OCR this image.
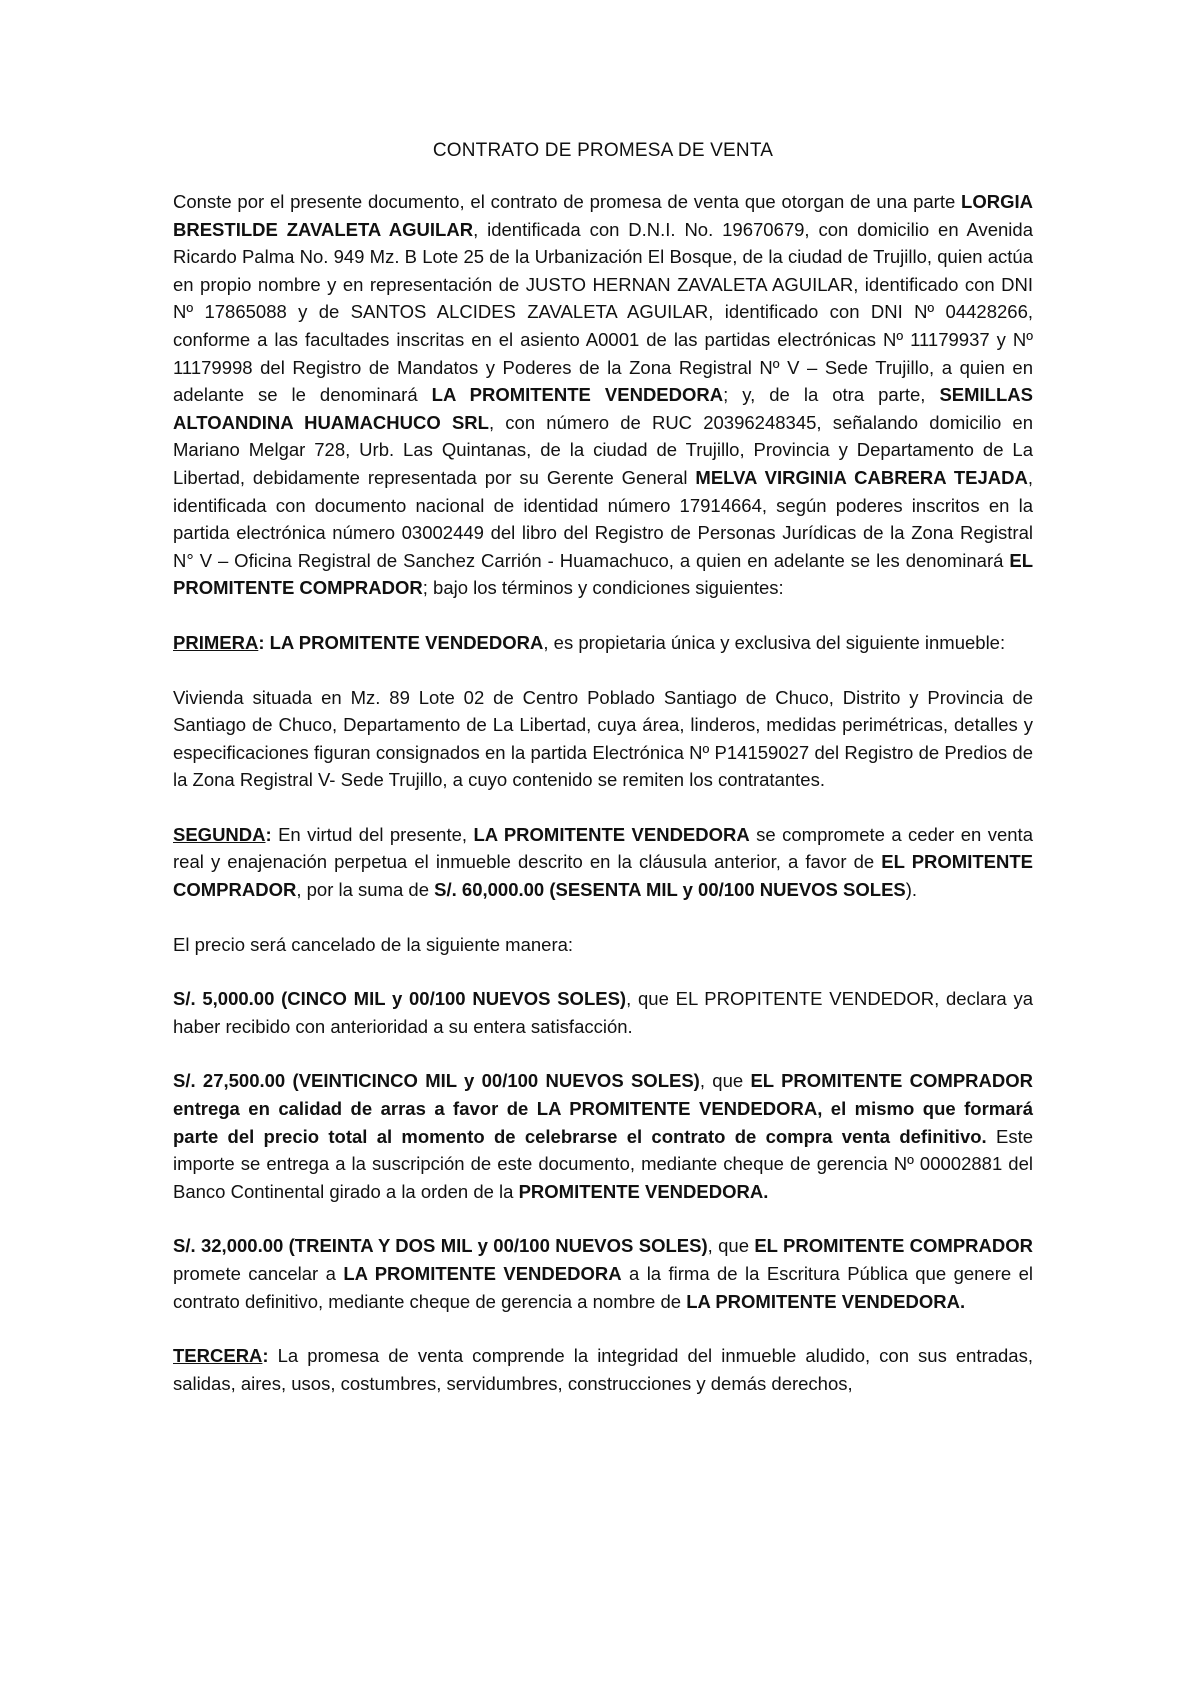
CONTRATO DE PROMESA DE VENTA

Conste por el presente documento, el contrato de promesa de venta que otorgan de una parte LORGIA BRESTILDE ZAVALETA AGUILAR, identificada con D.N.I. No. 19670679, con domicilio en Avenida Ricardo Palma No. 949 Mz. B Lote 25 de la Urbanización El Bosque, de la ciudad de Trujillo, quien actúa en propio nombre y en representación de JUSTO HERNAN ZAVALETA AGUILAR, identificado con DNI Nº 17865088 y de SANTOS ALCIDES ZAVALETA AGUILAR, identificado con DNI Nº 04428266, conforme a las facultades inscritas en el asiento A0001 de las partidas electrónicas Nº 11179937 y Nº 11179998 del Registro de Mandatos y Poderes de la Zona Registral Nº V – Sede Trujillo, a quien en adelante se le denominará LA PROMITENTE VENDEDORA; y, de la otra parte, SEMILLAS ALTOANDINA HUAMACHUCO SRL, con número de RUC 20396248345, señalando domicilio en Mariano Melgar 728, Urb. Las Quintanas, de la ciudad de Trujillo, Provincia y Departamento de La Libertad, debidamente representada por su Gerente General MELVA VIRGINIA CABRERA TEJADA, identificada con documento nacional de identidad número 17914664, según poderes inscritos en la partida electrónica número 03002449 del libro del Registro de Personas Jurídicas de la Zona Registral N° V – Oficina Registral de Sanchez Carrión - Huamachuco, a quien en adelante se les denominará EL PROMITENTE COMPRADOR; bajo los términos y condiciones siguientes:

PRIMERA: LA PROMITENTE VENDEDORA, es propietaria única y exclusiva del siguiente inmueble:

Vivienda situada en Mz. 89 Lote 02 de Centro Poblado Santiago de Chuco, Distrito y Provincia de Santiago de Chuco, Departamento de La Libertad, cuya área, linderos, medidas perimétricas, detalles y especificaciones figuran consignados en la partida Electrónica Nº P14159027 del Registro de Predios de la Zona Registral V- Sede Trujillo, a cuyo contenido se remiten los contratantes.

SEGUNDA: En virtud del presente, LA PROMITENTE VENDEDORA se compromete a ceder en venta real y enajenación perpetua el inmueble descrito en la cláusula anterior, a favor de EL PROMITENTE COMPRADOR, por la suma de S/. 60,000.00 (SESENTA MIL y 00/100 NUEVOS SOLES).

El precio será cancelado de la siguiente manera:

S/. 5,000.00 (CINCO MIL y 00/100 NUEVOS SOLES), que EL PROPITENTE VENDEDOR, declara ya haber recibido con anterioridad a su entera satisfacción.

S/. 27,500.00 (VEINTICINCO MIL y 00/100 NUEVOS SOLES), que EL PROMITENTE COMPRADOR entrega en calidad de arras a favor de LA PROMITENTE VENDEDORA, el mismo que formará parte del precio total al momento de celebrarse el contrato de compra venta definitivo. Este importe se entrega a la suscripción de este documento, mediante cheque de gerencia Nº 00002881 del Banco Continental girado a la orden de la PROMITENTE VENDEDORA.

S/. 32,000.00 (TREINTA Y DOS MIL y 00/100 NUEVOS SOLES), que EL PROMITENTE COMPRADOR promete cancelar a LA PROMITENTE VENDEDORA a la firma de la Escritura Pública que genere el contrato definitivo, mediante cheque de gerencia a nombre de LA PROMITENTE VENDEDORA.

TERCERA: La promesa de venta comprende la integridad del inmueble aludido, con sus entradas, salidas, aires, usos, costumbres, servidumbres, construcciones y demás derechos,
